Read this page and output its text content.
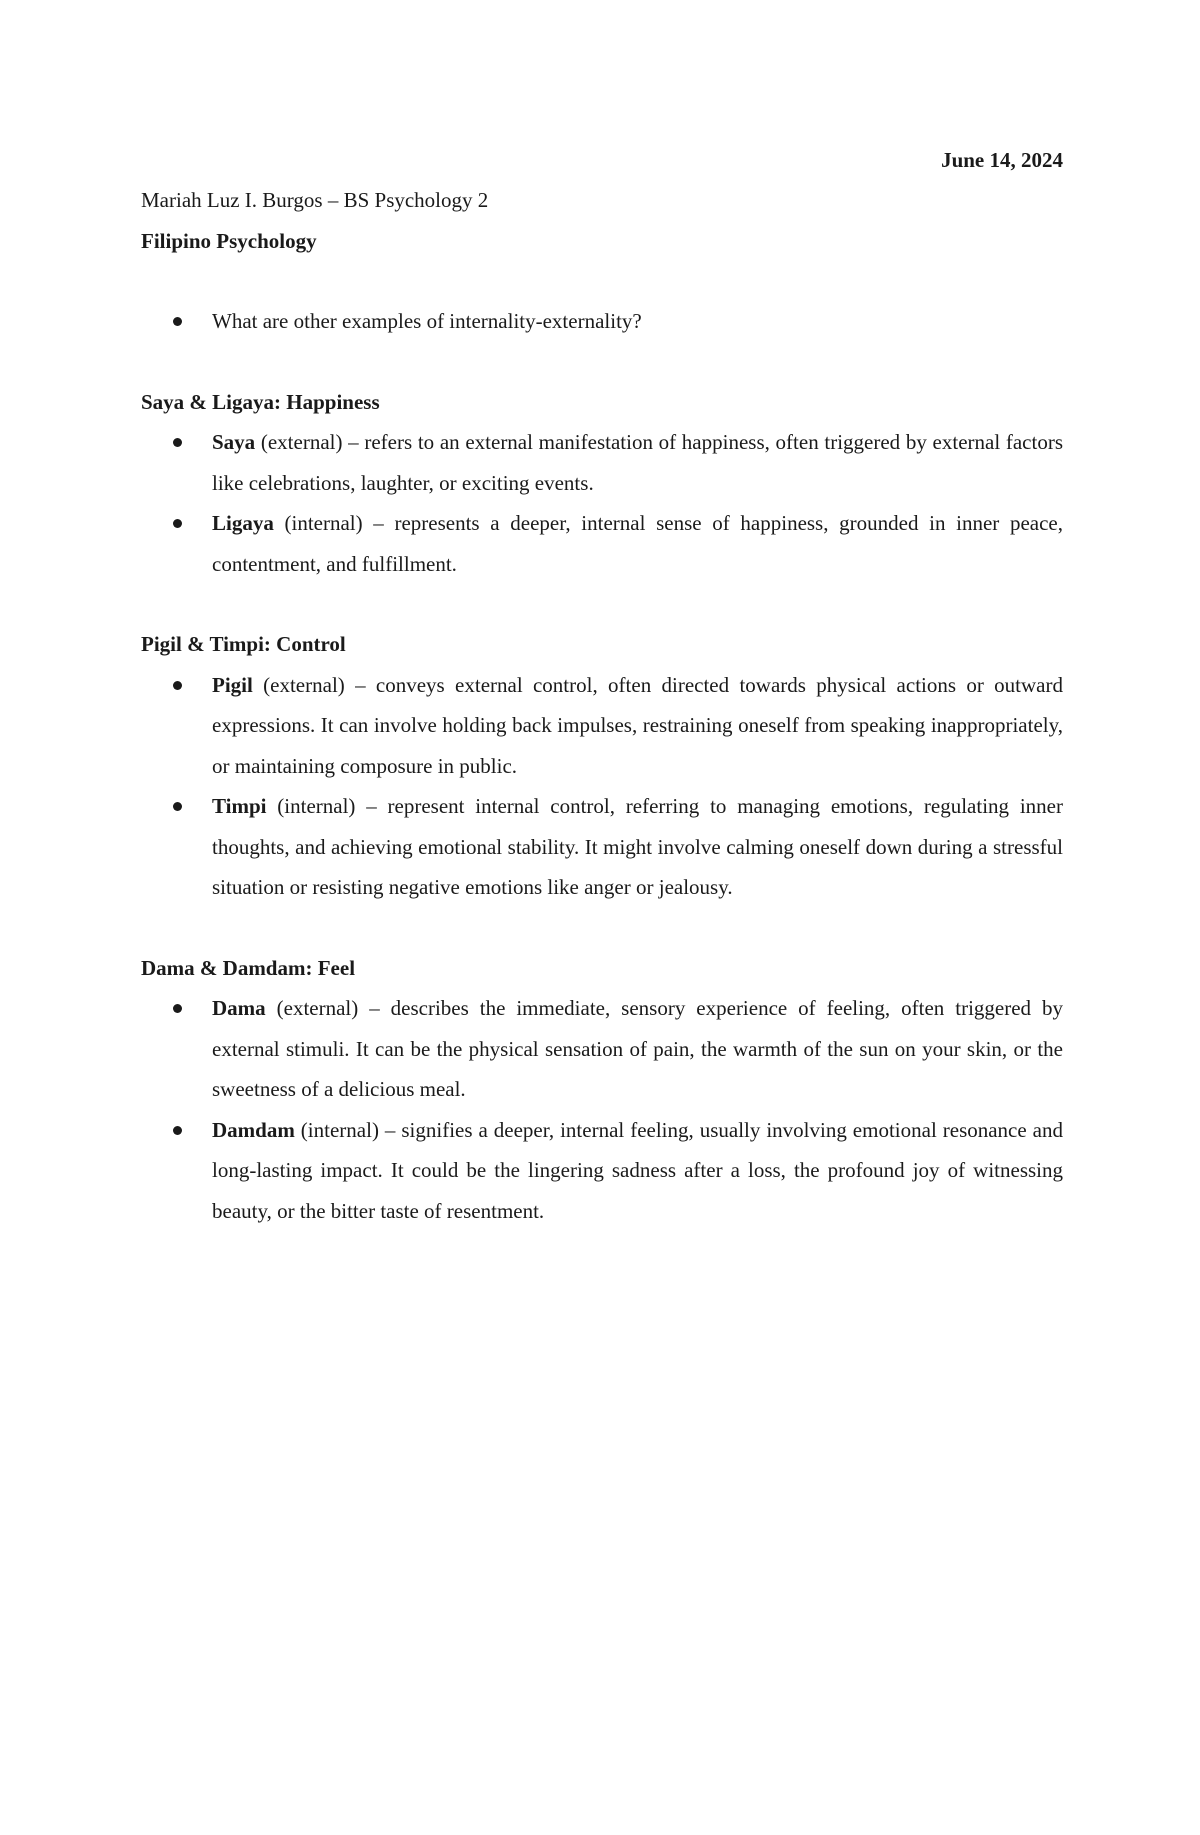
June 14, 2024

Mariah Luz I. Burgos – BS Psychology 2

Filipino Psychology

What are other examples of internality-externality?

Saya & Ligaya: Happiness

Saya (external) – refers to an external manifestation of happiness, often triggered by external factors like celebrations, laughter, or exciting events.
Ligaya (internal) – represents a deeper, internal sense of happiness, grounded in inner peace, contentment, and fulfillment.

Pigil & Timpi: Control

Pigil (external) – conveys external control, often directed towards physical actions or outward expressions. It can involve holding back impulses, restraining oneself from speaking inappropriately, or maintaining composure in public.
Timpi (internal) – represent internal control, referring to managing emotions, regulating inner thoughts, and achieving emotional stability. It might involve calming oneself down during a stressful situation or resisting negative emotions like anger or jealousy.

Dama & Damdam: Feel

Dama (external) – describes the immediate, sensory experience of feeling, often triggered by external stimuli. It can be the physical sensation of pain, the warmth of the sun on your skin, or the sweetness of a delicious meal.
Damdam (internal) – signifies a deeper, internal feeling, usually involving emotional resonance and long-lasting impact. It could be the lingering sadness after a loss, the profound joy of witnessing beauty, or the bitter taste of resentment.
